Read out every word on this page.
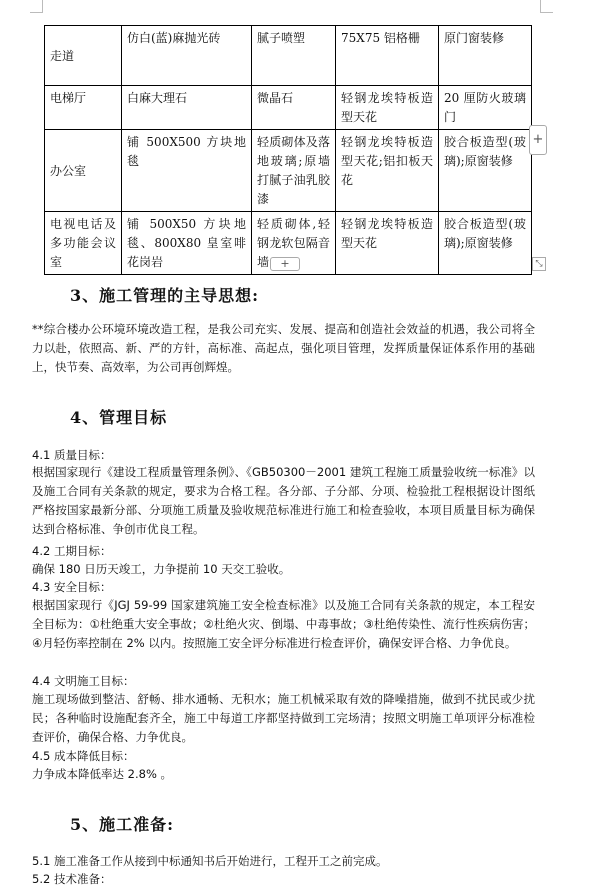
走道	仿白(蓝)麻抛光砖	腻子喷塑	75X75 铝格栅	原门窗装修
电梯厅	白麻大理石	微晶石	轻钢龙埃特板造型天花	20 厘防火玻璃门
办公室	铺 500X500 方块地毯	轻质砌体及落地玻璃;原墙打腻子油乳胶漆	轻钢龙埃特板造型天花;铝扣板天花	胶合板造型(玻璃);原窗装修
电视电话及多功能会议室	铺 500X50 方块地毯、800X80 皇室啡花岗岩	轻质砌体,轻钢龙软包隔音墙	轻钢龙埃特板造型天花	胶合板造型(玻璃);原窗装修
+
+	⤡
3、施工管理的主导思想:
**综合楼办公环境环境改造工程，是我公司充实、发展、提高和创造社会效益的机遇，我公司将全力以赴，依照高、新、严的方针，高标准、高起点，强化项目管理，发挥质量保证体系作用的基础上，快节奏、高效率，为公司再创辉煌。
4、管理目标
4.1 质量目标：
根据国家现行《建设工程质量管理条例》、《GB50300－2001 建筑工程施工质量验收统一标准》以及施工合同有关条款的规定，要求为合格工程。各分部、子分部、分项、检验批工程根据设计图纸严格按国家最新分部、分项施工质量及验收规范标准进行施工和检查验收，本项目质量目标为确保达到合格标准、争创市优良工程。
4.2 工期目标：
确保 180 日历天竣工，力争提前 10 天交工验收。
4.3 安全目标：
根据国家现行《JGJ 59-99 国家建筑施工安全检查标准》以及施工合同有关条款的规定，本工程安全目标为：①杜绝重大安全事故；②杜绝火灾、倒塌、中毒事故；③杜绝传染性、流行性疾病伤害；④月轻伤率控制在 2% 以内。按照施工安全评分标准进行检查评价，确保安评合格、力争优良。
4.4 文明施工目标：
施工现场做到整洁、舒畅、排水通畅、无积水；施工机械采取有效的降噪措施，做到不扰民或少扰民；各种临时设施配套齐全，施工中每道工序都坚持做到工完场清；按照文明施工单项评分标准检查评价，确保合格、力争优良。
4.5 成本降低目标：
力争成本降低率达 2.8% 。
5、施工准备:
5.1 施工准备工作从接到中标通知书后开始进行，工程开工之前完成。
5.2 技术准备：
